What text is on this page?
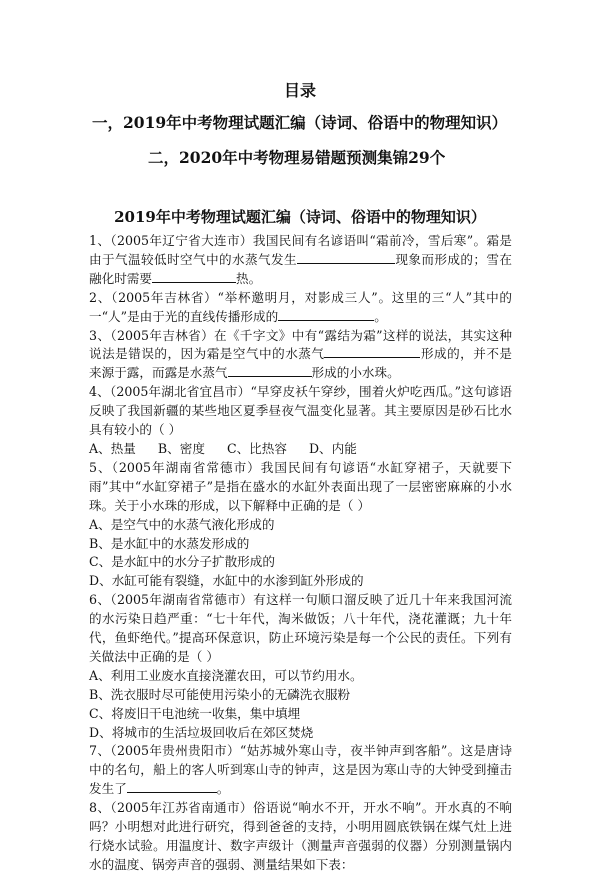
目录

一，2019年中考物理试题汇编（诗词、俗语中的物理知识）

二，2020年中考物理易错题预测集锦29个

2019年中考物理试题汇编（诗词、俗语中的物理知识）

1、（2005年辽宁省大连市）我国民间有名谚语叫“霜前冷，雪后寒”。霜是由于气温较低时空气中的水蒸气发生	现象而形成的；雪在融化时需要	热。

2、（2005年吉林省）“举杯邀明月，对影成三人”。这里的三“人”其中的一“人”是由于光的直线传播形成的	。

3、（2005年吉林省）在《千字文》中有“露结为霜”这样的说法，其实这种说法是错误的，因为霜是空气中的水蒸气	形成的，并不是来源于露，而露是水蒸气	形成的小水珠。

4、（2005年湖北省宜昌市）“早穿皮袄午穿纱，围着火炉吃西瓜。”这句谚语反映了我国新疆的某些地区夏季昼夜气温变化显著。其主要原因是砂石比水具有较小的（ ）

A、热量 B、密度 C、比热容 D、内能

5、（2005年湖南省常德市）我国民间有句谚语“水缸穿裙子，天就要下雨”其中“水缸穿裙子”是指在盛水的水缸外表面出现了一层密密麻麻的小水珠。关于小水珠的形成，以下解释中正确的是（ ）

A、是空气中的水蒸气液化形成的

B、是水缸中的水蒸发形成的

C、是水缸中的水分子扩散形成的

D、水缸可能有裂缝，水缸中的水渗到缸外形成的

6、（2005年湖南省常德市）有这样一句顺口溜反映了近几十年来我国河流的水污染日趋严重：“七十年代，淘米做饭；八十年代，浇花灌溉；九十年代，鱼虾绝代。”提高环保意识，防止环境污染是每一个公民的责任。下列有关做法中正确的是（ ）

A、利用工业废水直接浇灌农田，可以节约用水。

B、洗衣服时尽可能使用污染小的无磷洗衣服粉

C、将废旧干电池统一收集，集中填埋

D、将城市的生活垃圾回收后在郊区焚烧

7、（2005年贵州贵阳市）“姑苏城外寒山寺，夜半钟声到客船”。这是唐诗中的名句，船上的客人听到寒山寺的钟声，这是因为寒山寺的大钟受到撞击发生了	。

8、（2005年江苏省南通市）俗语说“响水不开，开水不响”。开水真的不响吗？小明想对此进行研究，得到爸爸的支持，小明用圆底铁锅在煤气灶上进行烧水试验。用温度计、数字声级计（测量声音强弱的仪器）分别测量锅内水的温度、锅旁声音的强弱、测量结果如下表：
